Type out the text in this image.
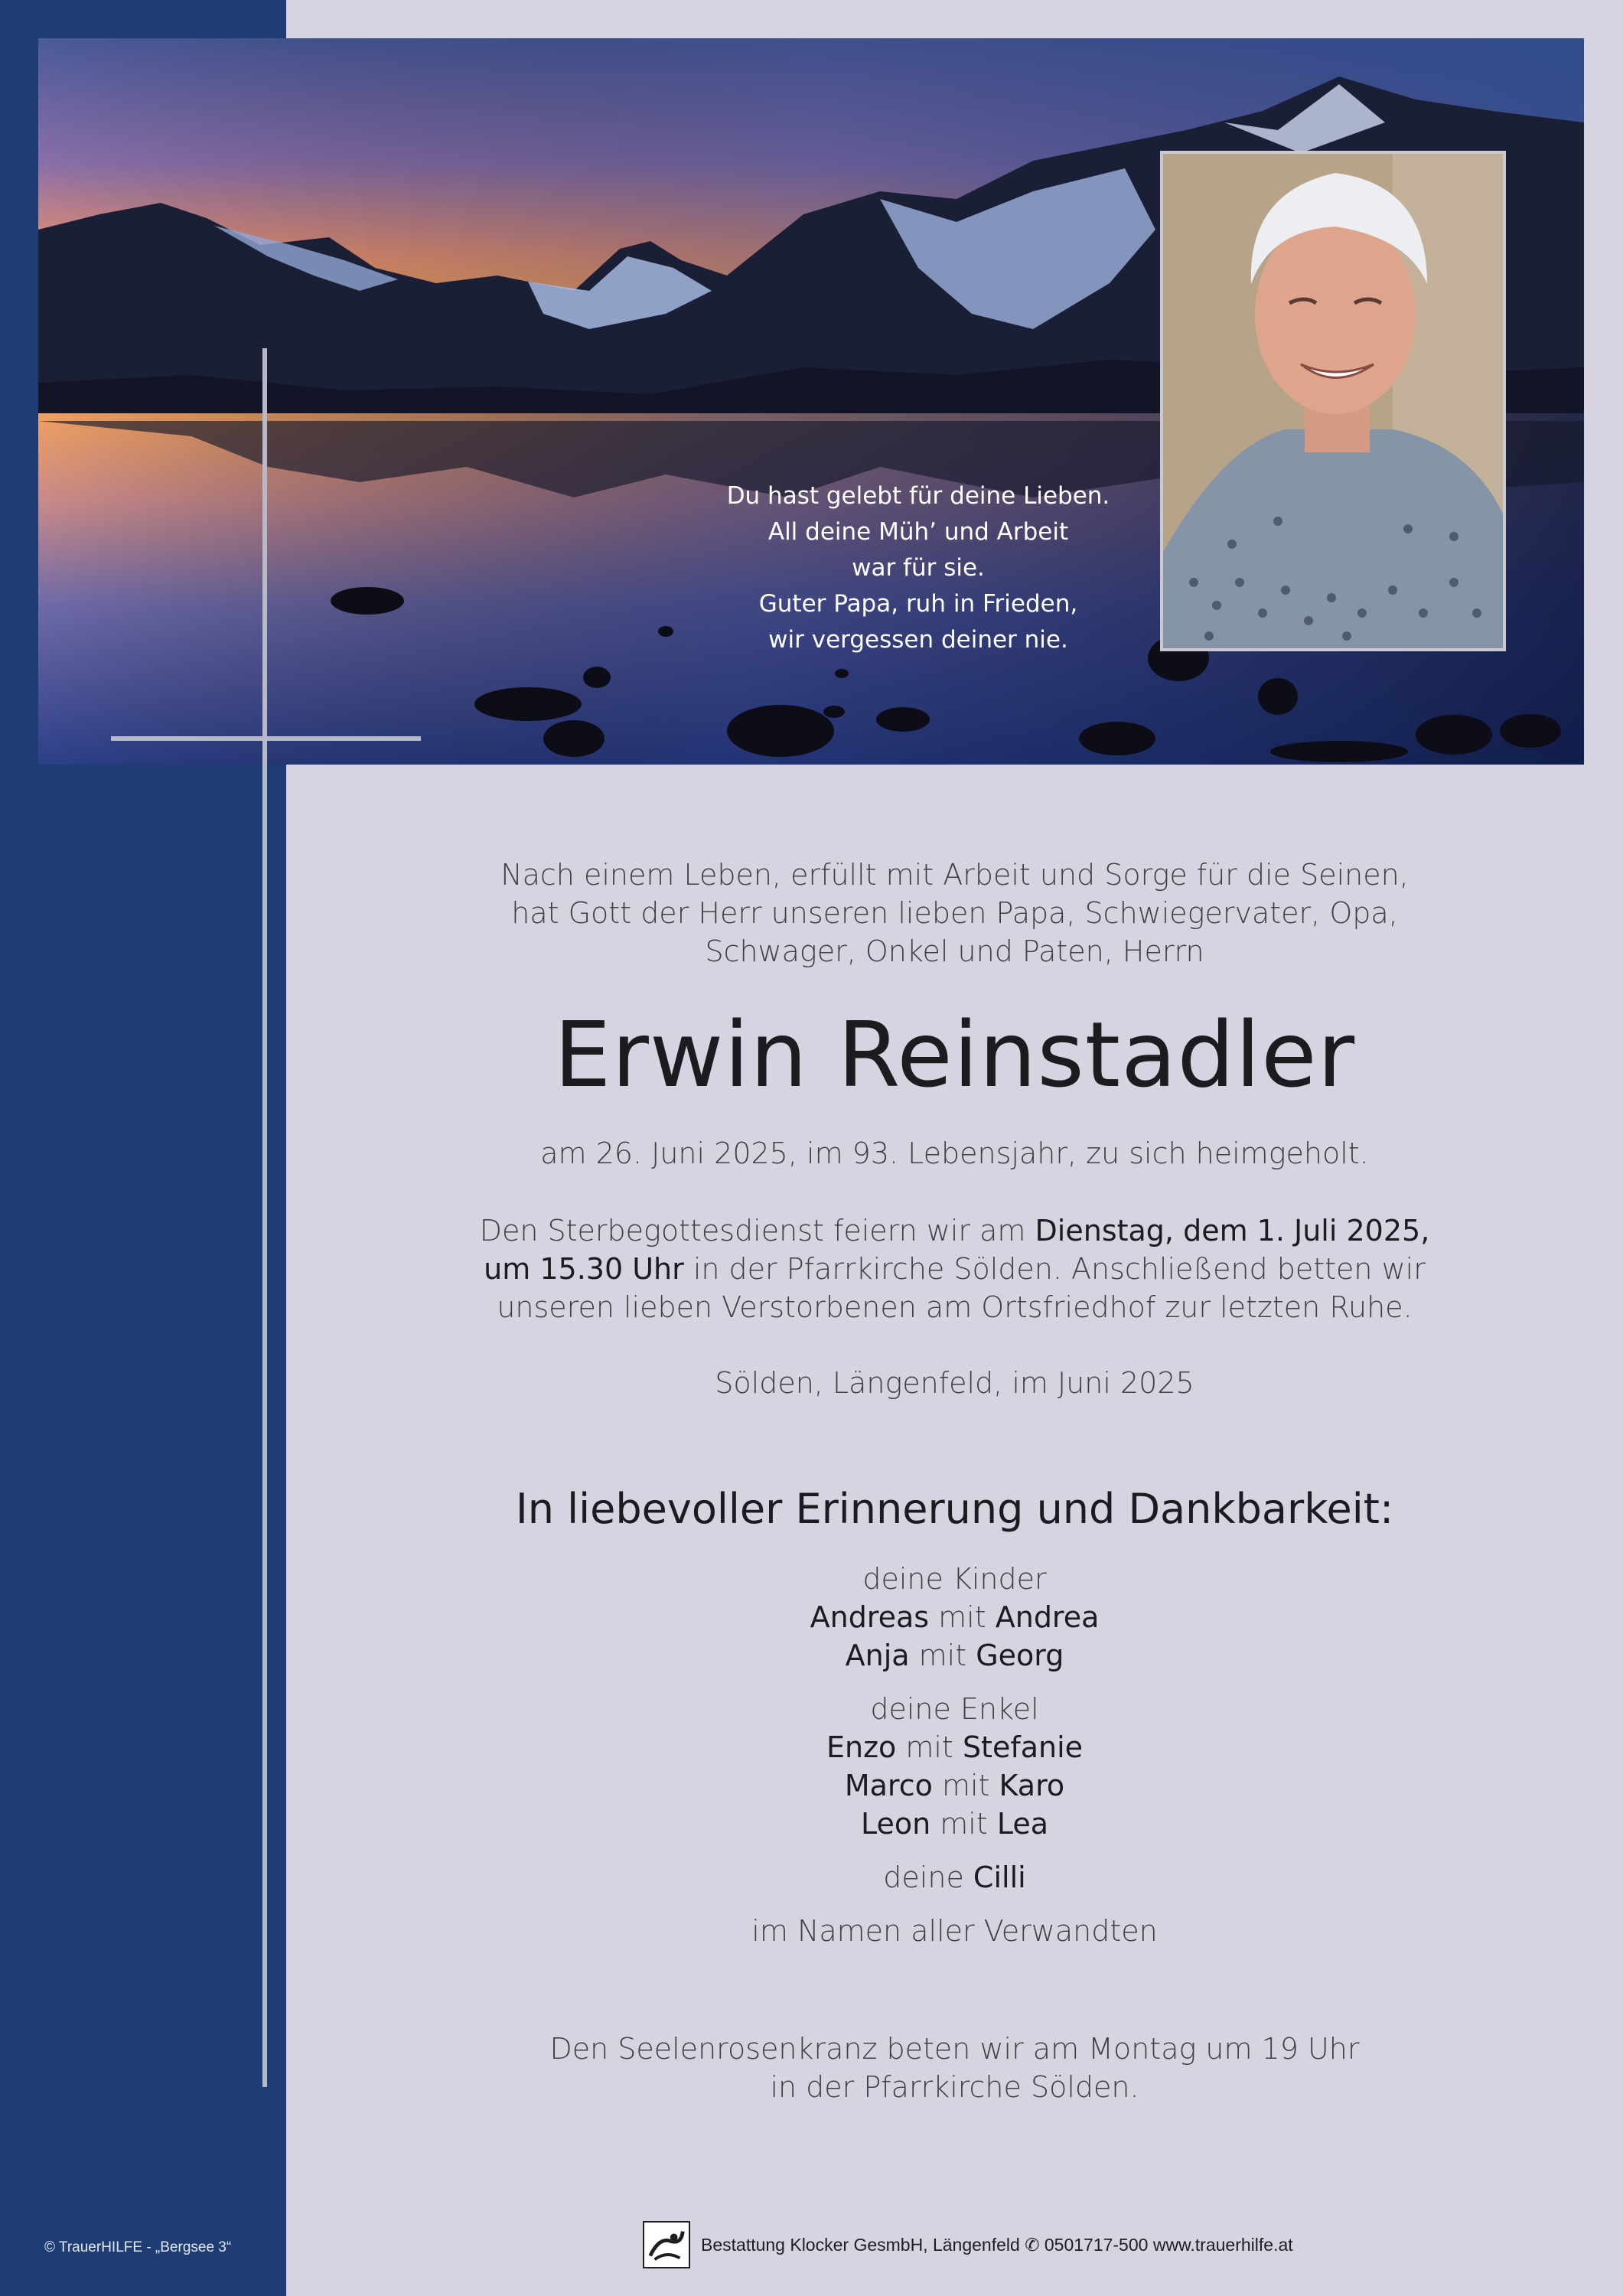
Du hast gelebt für deine Lieben.
All deine Müh’ und Arbeit
war für sie.
Guter Papa, ruh in Frieden,
wir vergessen deiner nie.
Nach einem Leben, erfüllt mit Arbeit und Sorge für die Seinen,
hat Gott der Herr unseren lieben Papa, Schwiegervater, Opa,
Schwager, Onkel und Paten, Herrn
Erwin Reinstadler
am 26. Juni 2025, im 93. Lebensjahr, zu sich heimgeholt.
Den Sterbegottesdienst feiern wir am Dienstag, dem 1. Juli 2025,
um 15.30 Uhr in der Pfarrkirche Sölden. Anschließend betten wir
unseren lieben Verstorbenen am Ortsfriedhof zur letzten Ruhe.
Sölden, Längenfeld, im Juni 2025
In liebevoller Erinnerung und Dankbarkeit:
deine Kinder
Andreas mit Andrea
Anja mit Georg
deine Enkel
Enzo mit Stefanie
Marco mit Karo
Leon mit Lea
deine Cilli
im Namen aller Verwandten
Den Seelenrosenkranz beten wir am Montag um 19 Uhr
in der Pfarrkirche Sölden.
© TrauerHILFE - „Bergsee 3“	Bestattung Klocker GesmbH, Längenfeld ✆ 0501717-500 www.trauerhilfe.at
